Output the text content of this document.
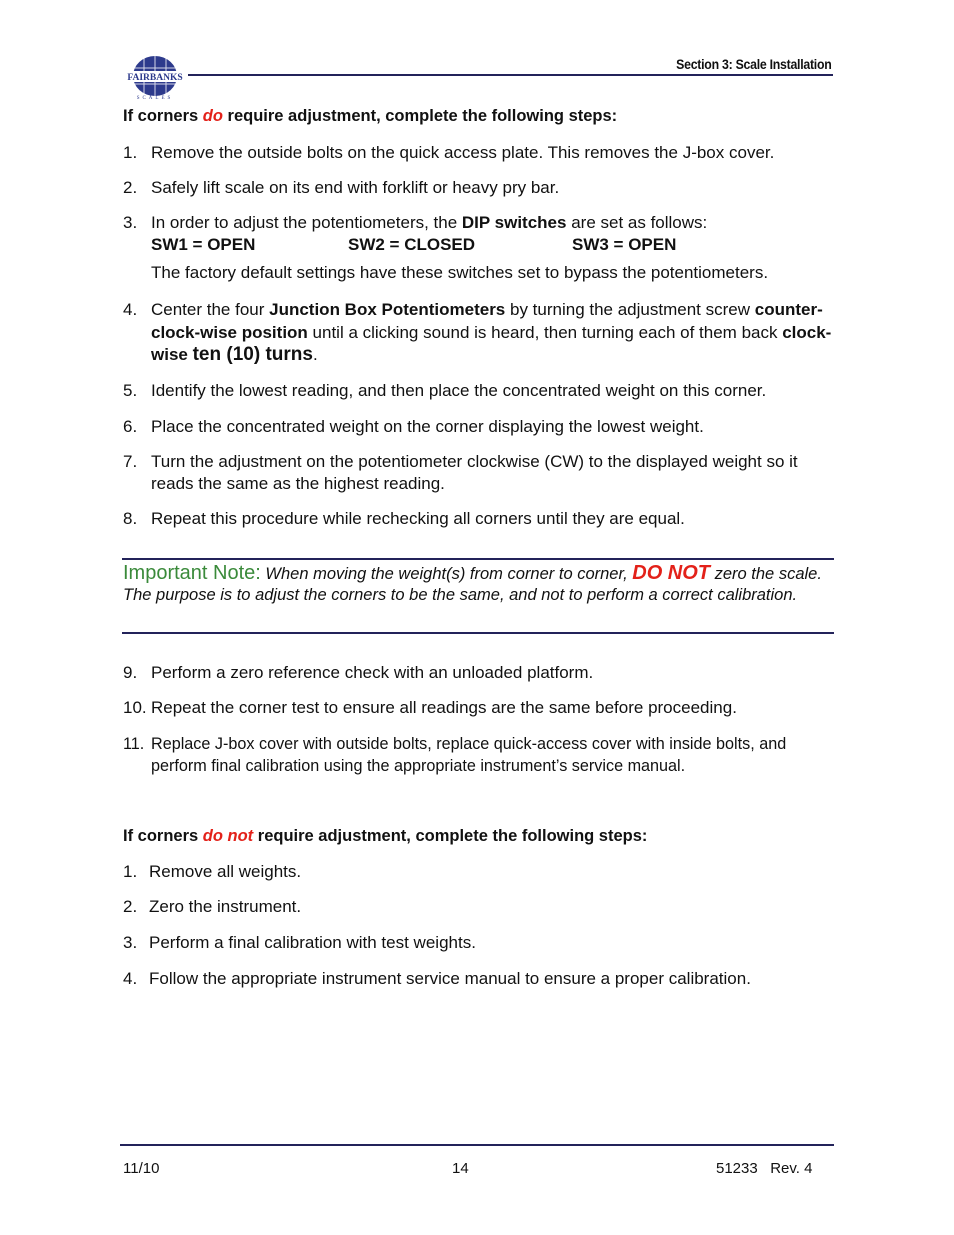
FAIRBANKS
SCALES
Section 3: Scale Installation
If corners do require adjustment, complete the following steps:
1. Remove the outside bolts on the quick access plate. This removes the J-box cover.
2. Safely lift scale on its end with forklift or heavy pry bar.
3. In order to adjust the potentiometers, the DIP switches are set as follows:
SW1 = OPEN	SW2 = CLOSED	SW3 = OPEN
The factory default settings have these switches set to bypass the potentiometers.
4. Center the four Junction Box Potentiometers by turning the adjustment screw counter-clock-wise position until a clicking sound is heard, then turning each of them back clock-wise ten (10) turns.
5. Identify the lowest reading, and then place the concentrated weight on this corner.
6. Place the concentrated weight on the corner displaying the lowest weight.
7. Turn the adjustment on the potentiometer clockwise (CW) to the displayed weight so it reads the same as the highest reading.
8. Repeat this procedure while rechecking all corners until they are equal.
Important Note: When moving the weight(s) from corner to corner, DO NOT zero the scale. The purpose is to adjust the corners to be the same, and not to perform a correct calibration.
9. Perform a zero reference check with an unloaded platform.
10. Repeat the corner test to ensure all readings are the same before proceeding.
11. Replace J-box cover with outside bolts, replace quick-access cover with inside bolts, and perform final calibration using the appropriate instrument’s service manual.
If corners do not require adjustment, complete the following steps:
1. Remove all weights.
2. Zero the instrument.
3. Perform a final calibration with test weights.
4. Follow the appropriate instrument service manual to ensure a proper calibration.
11/10	14	51233   Rev. 4
